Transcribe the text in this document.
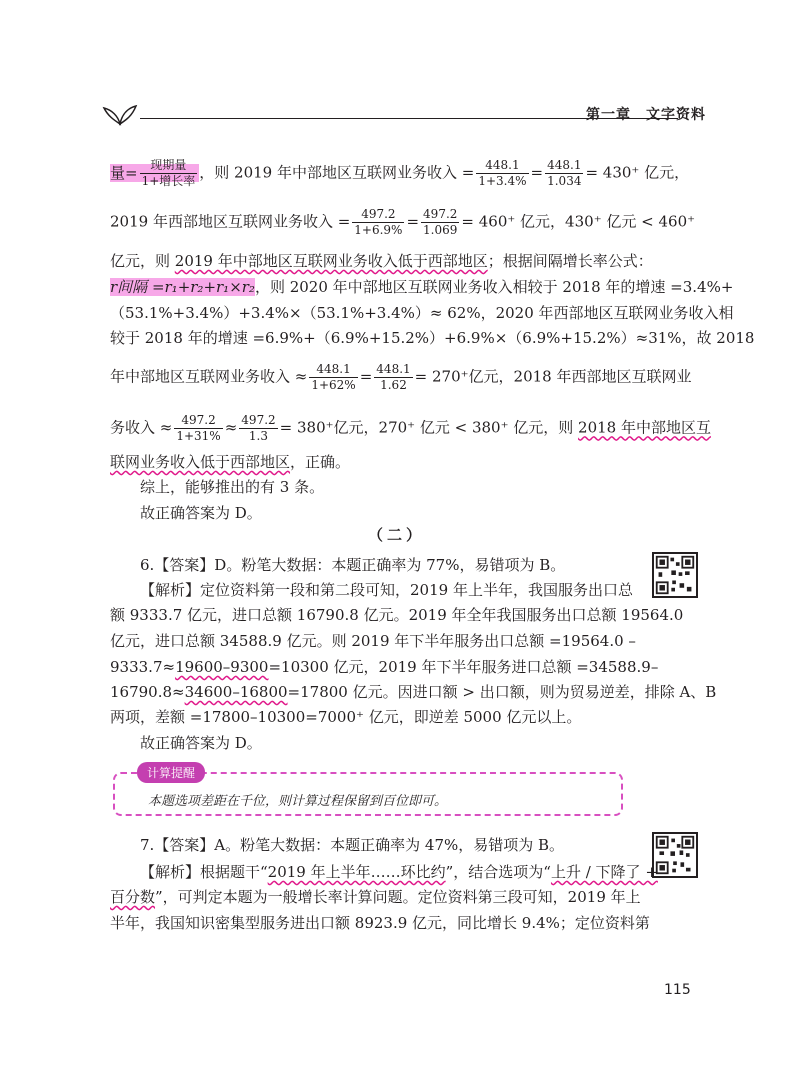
第一章　文字资料
量= $\frac{\text{现期量}}{\text{1+增长率}}$ ，则 2019 年中部地区互联网业务收入 = $\frac{448.1}{1+3.4\%} = \frac{448.1}{1.034} = 430^+$ 亿元，
2019 年西部地区互联网业务收入 = $\frac{497.2}{1+6.9\%} = \frac{497.2}{1.069} = 460^+$ 亿元，430⁺ 亿元 < 460⁺
亿元，则 2019 年中部地区互联网业务收入低于西部地区；根据间隔增长率公式：
r间隔 =r₁+r₂+r₁×r₂，则 2020 年中部地区互联网业务收入相较于 2018 年的增速 =3.4%+
（53.1%+3.4%）+3.4%×（53.1%+3.4%）≈ 62%，2020 年西部地区互联网业务收入相
较于 2018 年的增速 =6.9%+（6.9%+15.2%）+6.9%×（6.9%+15.2%）≈31%，故 2018
年中部地区互联网业务收入 ≈ $\frac{448.1}{1+62\%} = \frac{448.1}{1.62} = 270^+$亿元，2018 年西部地区互联网业
务收入 ≈ $\frac{497.2}{1+31\%} \approx \frac{497.2}{1.3} = 380^+$亿元，270⁺ 亿元 < 380⁺ 亿元，则 2018 年中部地区互
联网业务收入低于西部地区，正确。
综上，能够推出的有 3 条。
故正确答案为 D。
（二）
6.【答案】D。粉笔大数据：本题正确率为 77%，易错项为 B。
【解析】定位资料第一段和第二段可知，2019 年上半年，我国服务出口总
额 9333.7 亿元，进口总额 16790.8 亿元。2019 年全年我国服务出口总额 19564.0
亿元，进口总额 34588.9 亿元。则 2019 年下半年服务出口总额 =19564.0 –
9333.7≈19600–9300=10300 亿元，2019 年下半年服务进口总额 =34588.9–
16790.8≈34600–16800=17800 亿元。因进口额 > 出口额，则为贸易逆差，排除 A、B
两项，差额 =17800–10300=7000⁺ 亿元，即逆差 5000 亿元以上。
故正确答案为 D。
计算提醒
本题选项差距在千位，则计算过程保留到百位即可。
7.【答案】A。粉笔大数据：本题正确率为 47%，易错项为 B。
【解析】根据题干“2019 年上半年……环比约”，结合选项为“上升 / 下降了 +
百分数”，可判定本题为一般增长率计算问题。定位资料第三段可知，2019 年上
半年，我国知识密集型服务进出口额 8923.9 亿元，同比增长 9.4%；定位资料第
115
